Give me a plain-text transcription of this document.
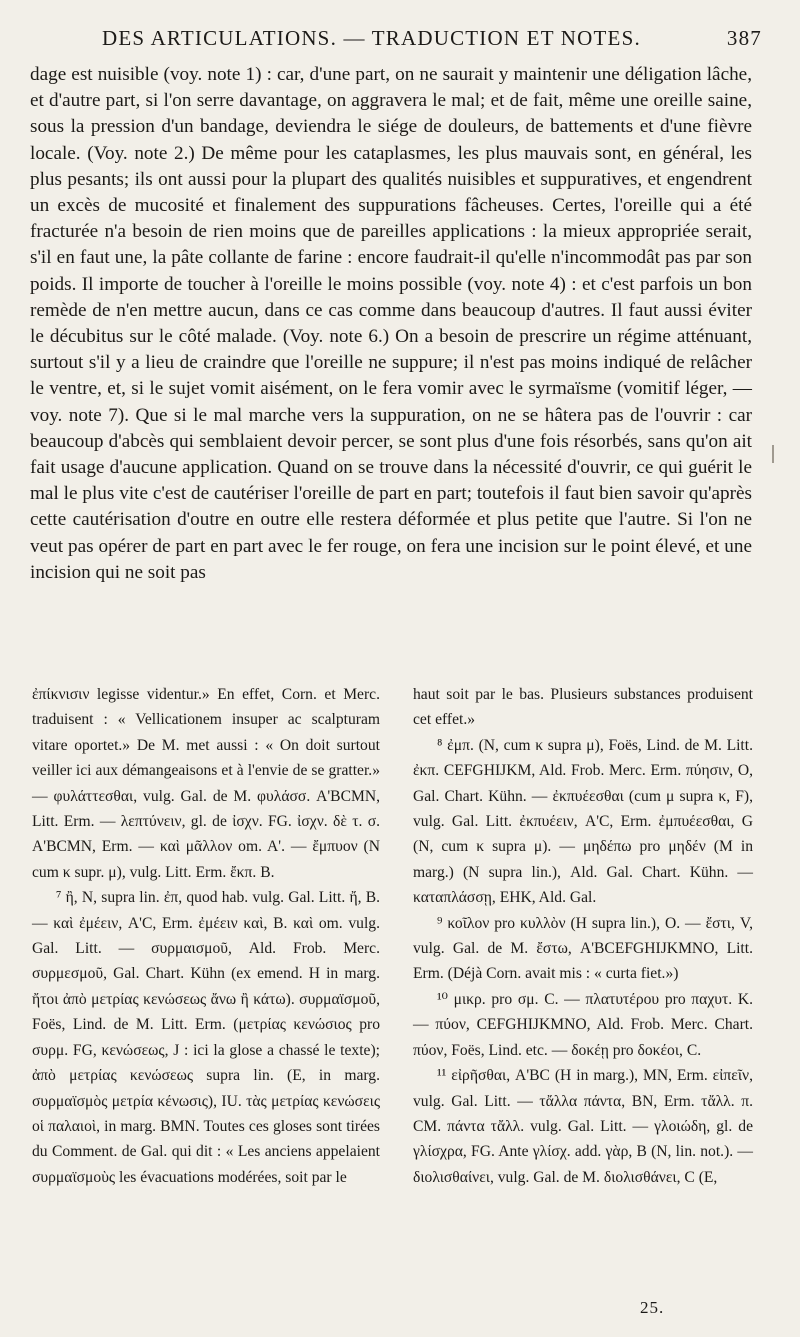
DES ARTICULATIONS. — TRADUCTION ET NOTES.	387

dage est nuisible (voy. note 1) : car, d'une part, on ne saurait y maintenir une déligation lâche, et d'autre part, si l'on serre davantage, on aggravera le mal; et de fait, même une oreille saine, sous la pression d'un bandage, deviendra le siége de douleurs, de battements et d'une fièvre locale. (Voy. note 2.) De même pour les cataplasmes, les plus mauvais sont, en général, les plus pesants; ils ont aussi pour la plupart des qualités nuisibles et suppuratives, et engendrent un excès de mucosité et finalement des suppurations fâcheuses. Certes, l'oreille qui a été fracturée n'a besoin de rien moins que de pareilles applications : la mieux appropriée serait, s'il en faut une, la pâte collante de farine : encore faudrait-il qu'elle n'incommodât pas par son poids. Il importe de toucher à l'oreille le moins possible (voy. note 4) : et c'est parfois un bon remède de n'en mettre aucun, dans ce cas comme dans beaucoup d'autres. Il faut aussi éviter le décubitus sur le côté malade. (Voy. note 6.) On a besoin de prescrire un régime atténuant, surtout s'il y a lieu de craindre que l'oreille ne suppure; il n'est pas moins indiqué de relâcher le ventre, et, si le sujet vomit aisément, on le fera vomir avec le syrmaïsme (vomitif léger, — voy. note 7). Que si le mal marche vers la suppuration, on ne se hâtera pas de l'ouvrir : car beaucoup d'abcès qui semblaient devoir percer, se sont plus d'une fois résorbés, sans qu'on ait fait usage d'aucune application. Quand on se trouve dans la nécessité d'ouvrir, ce qui guérit le mal le plus vite c'est de cautériser l'oreille de part en part; toutefois il faut bien savoir qu'après cette cautérisation d'outre en outre elle restera déformée et plus petite que l'autre. Si l'on ne veut pas opérer de part en part avec le fer rouge, on fera une incision sur le point élevé, et une incision qui ne soit pas

ἐπίκνισιν legisse videntur.» En effet, Corn. et Merc. traduisent : « Vellicationem insuper ac scalpturam vitare oportet.» De M. met aussi : « On doit surtout veiller ici aux démangeaisons et à l'envie de se gratter.» — φυλάττεσθαι, vulg. Gal. de M. φυλάσσ. A'BCMN, Litt. Erm. — λεπτύνειν, gl. de ἰσχν. FG. ἰσχν. δὲ τ. σ. A'BCMN, Erm. — καὶ μᾶλλον om. A'. — ἔμπυον (N cum κ supr. μ), vulg. Litt. Erm. ἔκπ. B.

⁷ ἢ, N, supra lin. ἐπ, quod hab. vulg. Gal. Litt. ἤ, B. — καὶ ἐμέειν, A'C, Erm. ἐμέειν καὶ, B. καὶ om. vulg. Gal. Litt. — συρμαισμοῦ, Ald. Frob. Merc. συρμεσμοῦ, Gal. Chart. Kühn (ex emend. H in marg. ἤτοι ἀπὸ μετρίας κενώσεως ἄνω ἢ κάτω). συρμαϊσμοῦ, Foës, Lind. de M. Litt. Erm. (μετρίας κενώσιος pro συρμ. FG, κενώσεως, J : ici la glose a chassé le texte); ἀπὸ μετρίας κενώσεως supra lin. (E, in marg. συρμαϊσμὸς μετρία κένωσις), IU. τὰς μετρίας κενώσεις οἱ παλαιοὶ, in marg. BMN. Toutes ces gloses sont tirées du Comment. de Gal. qui dit : « Les anciens appelaient συρμαϊσμοὺς les évacuations modérées, soit par le

haut soit par le bas. Plusieurs substances produisent cet effet.»

⁸ ἐμπ. (N, cum κ supra μ), Foës, Lind. de M. Litt. ἐκπ. CEFGHIJKM, Ald. Frob. Merc. Erm. πύησιν, O, Gal. Chart. Kühn. — ἐκπυέεσθαι (cum μ supra κ, F), vulg. Gal. Litt. ἐκπυέειν, A'C, Erm. ἐμπυέεσθαι, G (N, cum κ supra μ). — μηδέπω pro μηδέν (M in marg.) (N supra lin.), Ald. Gal. Chart. Kühn. — καταπλάσσῃ, EHK, Ald. Gal.

⁹ κοῖλον pro κυλλὸν (H supra lin.), O. — ἔστι, V, vulg. Gal. de M. ἔστω, A'BCEFGHIJKMNO, Litt. Erm. (Déjà Corn. avait mis : « curta fiet.»)

¹⁰ μικρ. pro σμ. C. — πλατυτέρου pro παχυτ. K. — πύον, CEFGHIJKMNO, Ald. Frob. Merc. Chart. πύον, Foës, Lind. etc. — δοκέῃ pro δοκέοι, C.

¹¹ εἰρῆσθαι, A'BC (H in marg.), MN, Erm. εἰπεῖν, vulg. Gal. Litt. — τἄλλα πάντα, BN, Erm. τἄλλ. π. CM. πάντα τἄλλ. vulg. Gal. Litt. — γλοιώδη, gl. de γλίσχρα, FG. Ante γλίσχ. add. γὰρ, B (N, lin. not.). — διολισθαίνει, vulg. Gal. de M. διολισθάνει, C (E,

25.
